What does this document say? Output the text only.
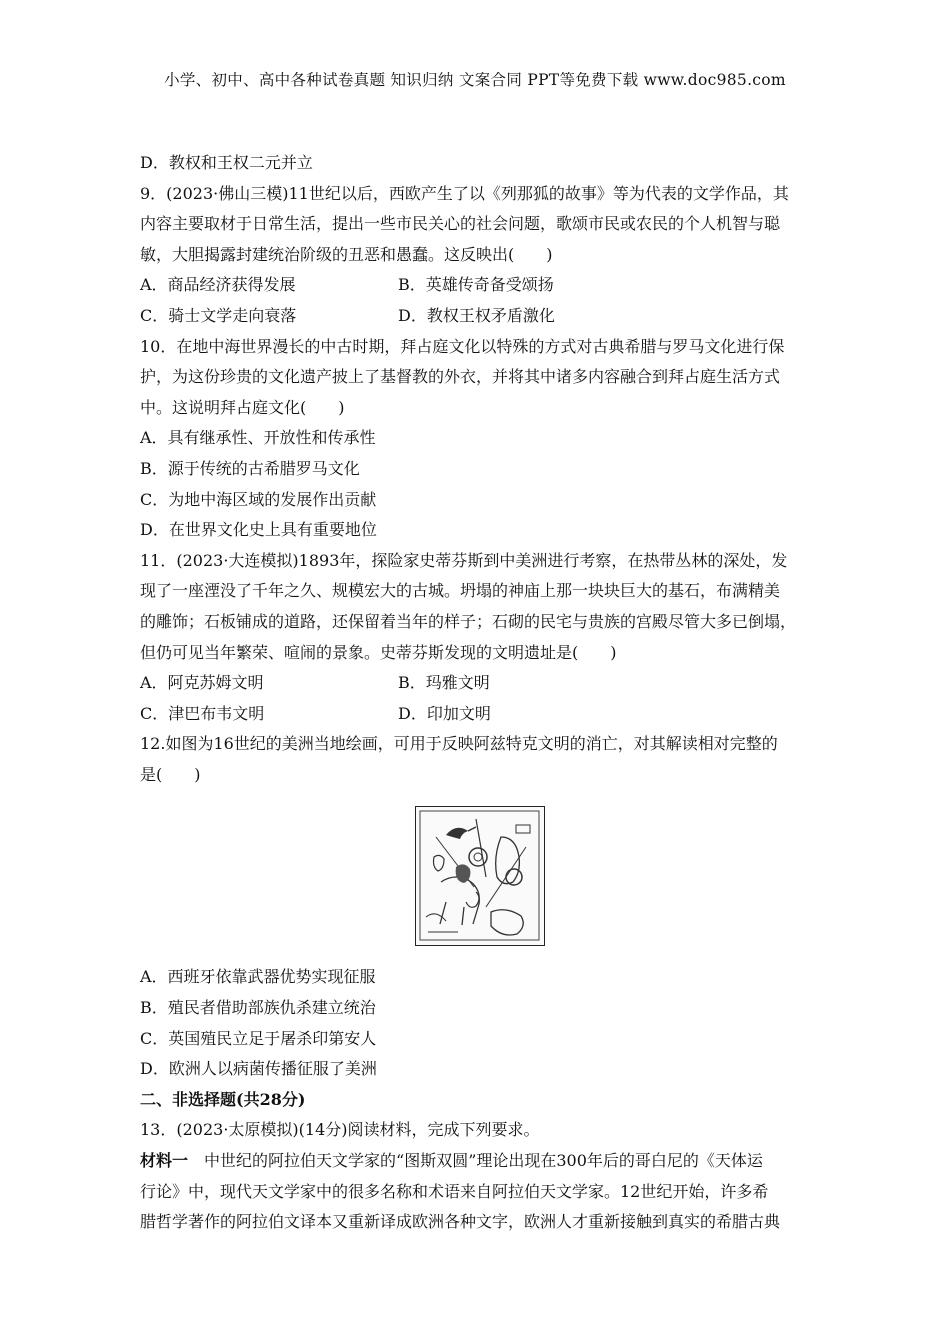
小学、初中、高中各种试卷真题 知识归纳 文案合同 PPT等免费下载 www.doc985.com
D．教权和王权二元并立
9．(2023·佛山三模)11世纪以后，西欧产生了以《列那狐的故事》等为代表的文学作品，其
内容主要取材于日常生活，提出一些市民关心的社会问题，歌颂市民或农民的个人机智与聪
敏，大胆揭露封建统治阶级的丑恶和愚蠢。这反映出(　　)
A．商品经济获得发展	B．英雄传奇备受颂扬
C．骑士文学走向衰落	D．教权王权矛盾激化
10．在地中海世界漫长的中古时期，拜占庭文化以特殊的方式对古典希腊与罗马文化进行保
护，为这份珍贵的文化遗产披上了基督教的外衣，并将其中诸多内容融合到拜占庭生活方式
中。这说明拜占庭文化(　　)
A．具有继承性、开放性和传承性
B．源于传统的古希腊罗马文化
C．为地中海区域的发展作出贡献
D．在世界文化史上具有重要地位
11．(2023·大连模拟)1893年，探险家史蒂芬斯到中美洲进行考察，在热带丛林的深处，发
现了一座湮没了千年之久、规模宏大的古城。坍塌的神庙上那一块块巨大的基石，布满精美
的雕饰；石板铺成的道路，还保留着当年的样子；石砌的民宅与贵族的宫殿尽管大多已倒塌，
但仍可见当年繁荣、喧闹的景象。史蒂芬斯发现的文明遗址是(　　)
A．阿克苏姆文明	B．玛雅文明
C．津巴布韦文明	D．印加文明
12.如图为16世纪的美洲当地绘画，可用于反映阿兹特克文明的消亡，对其解读相对完整的
是(　　)
A．西班牙依靠武器优势实现征服
B．殖民者借助部族仇杀建立统治
C．英国殖民立足于屠杀印第安人
D．欧洲人以病菌传播征服了美洲
二、非选择题(共28分)
13．(2023·太原模拟)(14分)阅读材料，完成下列要求。
材料一　中世纪的阿拉伯天文学家的“图斯双圆”理论出现在300年后的哥白尼的《天体运
行论》中，现代天文学家中的很多名称和术语来自阿拉伯天文学家。12世纪开始，许多希
腊哲学著作的阿拉伯文译本又重新译成欧洲各种文字，欧洲人才重新接触到真实的希腊古典
